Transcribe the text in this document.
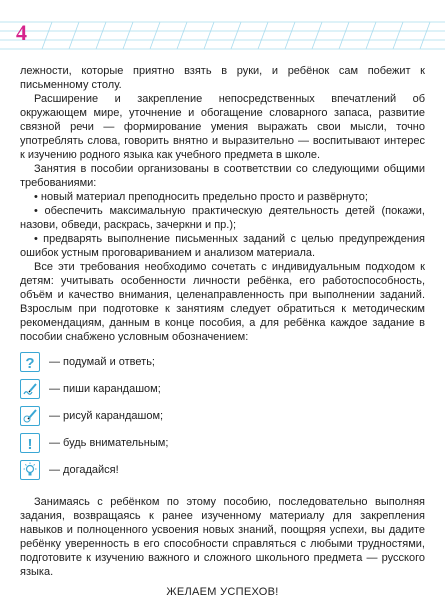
4

лежности, которые приятно взять в руки, и ребёнок сам побежит к письменному столу.

Расширение и закрепление непосредственных впечатлений об окружающем мире, уточнение и обогащение словарного запаса, развитие связной речи — формирование умения выражать свои мысли, точно употреблять слова, говорить внятно и выразительно — воспитывают интерес к изучению родного языка как учебного предмета в школе.

Занятия в пособии организованы в соответствии со следующими общими требованиями:

• новый материал преподносить предельно просто и развёрнуто;

• обеспечить максимальную практическую деятельность детей (покажи, назови, обведи, раскрась, зачеркни и пр.);

• предварять выполнение письменных заданий с целью предупреждения ошибок устным проговариванием и анализом материала.

Все эти требования необходимо сочетать с индивидуальным подходом к детям: учитывать особенности личности ребёнка, его работоспособность, объём и качество внимания, целенаправленность при выполнении заданий. Взрослым при подготовке к занятиям следует обратиться к методическим рекомендациям, данным в конце пособия, а для ребёнка каждое задание в пособии снабжено условным обозначением:

? — подумай и ответь;
— пиши карандашом;
— рисуй карандашом;
! — будь внимательным;
— догадайся!

Занимаясь с ребёнком по этому пособию, последовательно выполняя задания, возвращаясь к ранее изученному материалу для закрепления навыков и полноценного усвоения новых знаний, поощряя успехи, вы дадите ребёнку уверенность в его способности справляться с любыми трудностями, подготовите к изучению важного и сложного школьного предмета — русского языка.

ЖЕЛАЕМ УСПЕХОВ!
